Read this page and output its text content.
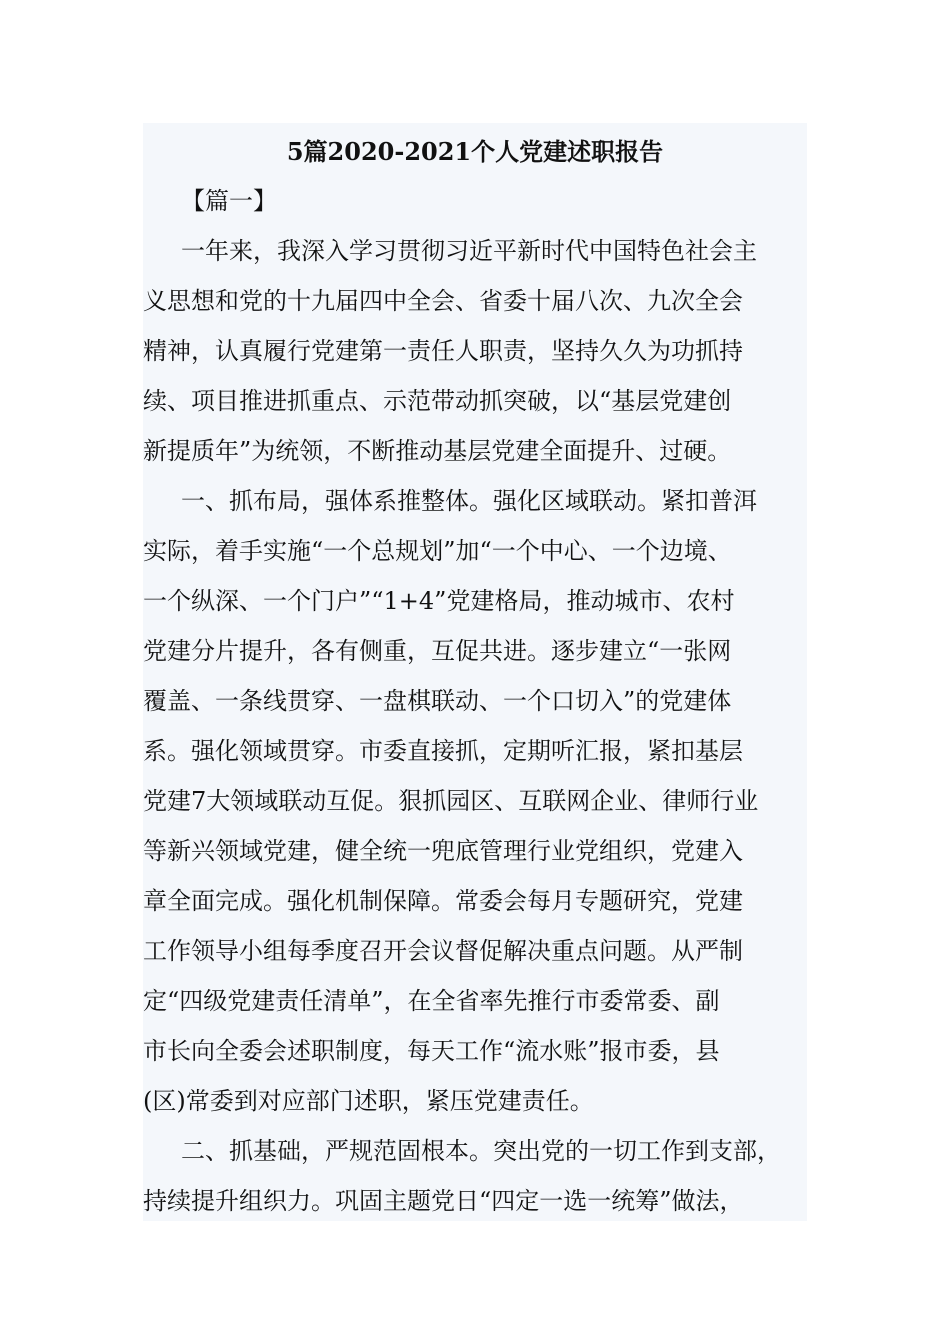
5篇2020-2021个人党建述职报告
【篇一】
一年来，我深入学习贯彻习近平新时代中国特色社会主
义思想和党的十九届四中全会、省委十届八次、九次全会
精神，认真履行党建第一责任人职责，坚持久久为功抓持
续、项目推进抓重点、示范带动抓突破，以“基层党建创
新提质年”为统领，不断推动基层党建全面提升、过硬。
一、抓布局，强体系推整体。强化区域联动。紧扣普洱
实际，着手实施“一个总规划”加“一个中心、一个边境、
一个纵深、一个门户”“1+4”党建格局，推动城市、农村
党建分片提升，各有侧重，互促共进。逐步建立“一张网
覆盖、一条线贯穿、一盘棋联动、一个口切入”的党建体
系。强化领域贯穿。市委直接抓，定期听汇报，紧扣基层
党建7大领域联动互促。狠抓园区、互联网企业、律师行业
等新兴领域党建，健全统一兜底管理行业党组织，党建入
章全面完成。强化机制保障。常委会每月专题研究，党建
工作领导小组每季度召开会议督促解决重点问题。从严制
定“四级党建责任清单”，在全省率先推行市委常委、副
市长向全委会述职制度，每天工作“流水账”报市委，县
(区)常委到对应部门述职，紧压党建责任。
二、抓基础，严规范固根本。突出党的一切工作到支部，
持续提升组织力。巩固主题党日“四定一选一统筹”做法，
